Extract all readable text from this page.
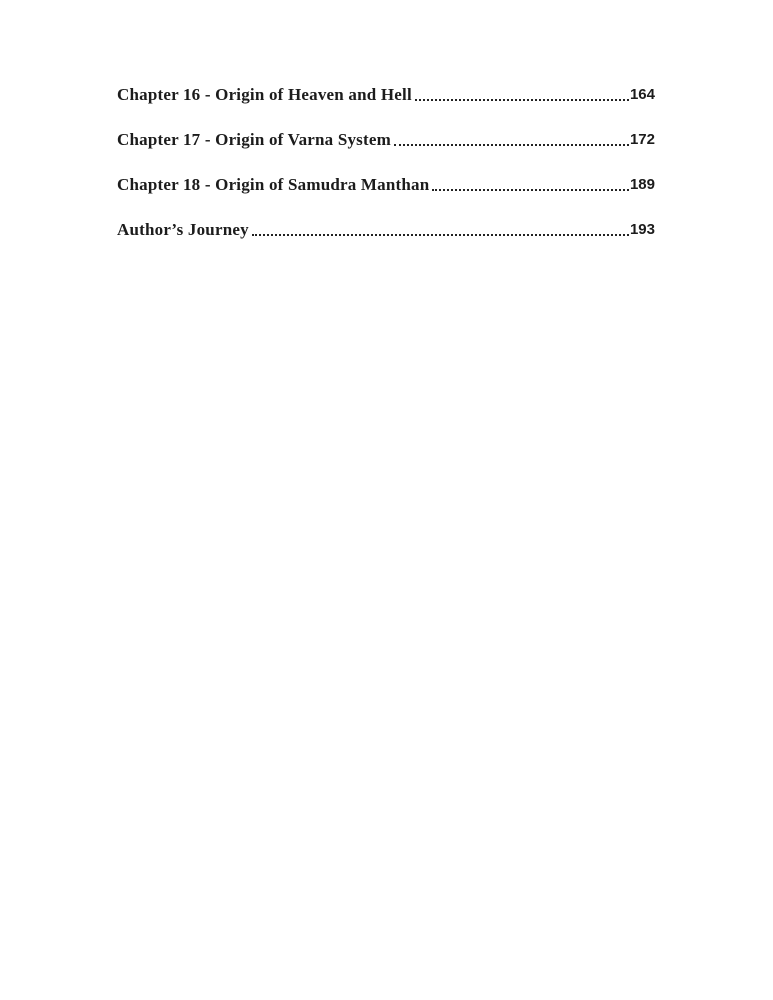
Chapter 16 - Origin of Heaven and Hell	164
Chapter 17 - Origin of Varna System	172
Chapter 18 - Origin of Samudra Manthan	189
Author’s Journey	193
